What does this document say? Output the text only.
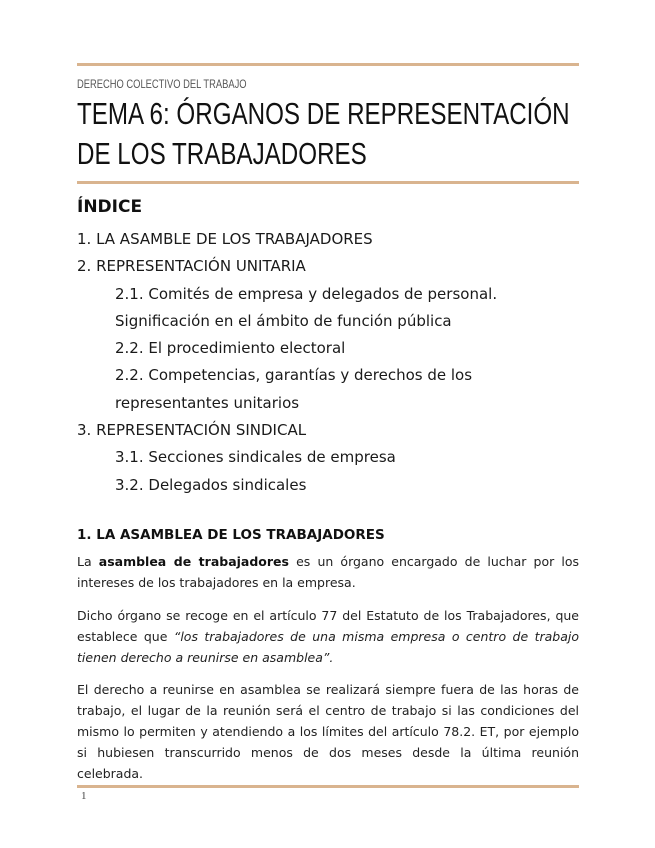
DERECHO COLECTIVO DEL TRABAJO
TEMA 6: ÓRGANOS DE REPRESENTACIÓN DE LOS TRABAJADORES
ÍNDICE
1. LA ASAMBLE DE LOS TRABAJADORES
2. REPRESENTACIÓN UNITARIA
2.1. Comités de empresa y delegados de personal. Significación en el ámbito de función pública
2.2. El procedimiento electoral
2.2. Competencias, garantías y derechos de los representantes unitarios
3. REPRESENTACIÓN SINDICAL
3.1. Secciones sindicales de empresa
3.2. Delegados sindicales
1. LA ASAMBLEA DE LOS TRABAJADORES

La asamblea de trabajadores es un órgano encargado de luchar por los intereses de los trabajadores en la empresa.

Dicho órgano se recoge en el artículo 77 del Estatuto de los Trabajadores, que establece que “los trabajadores de una misma empresa o centro de trabajo tienen derecho a reunirse en asamblea”.

El derecho a reunirse en asamblea se realizará siempre fuera de las horas de trabajo, el lugar de la reunión será el centro de trabajo si las condiciones del mismo lo permiten y atendiendo a los límites del artículo 78.2. ET, por ejemplo si hubiesen transcurrido menos de dos meses desde la última reunión celebrada.

1
